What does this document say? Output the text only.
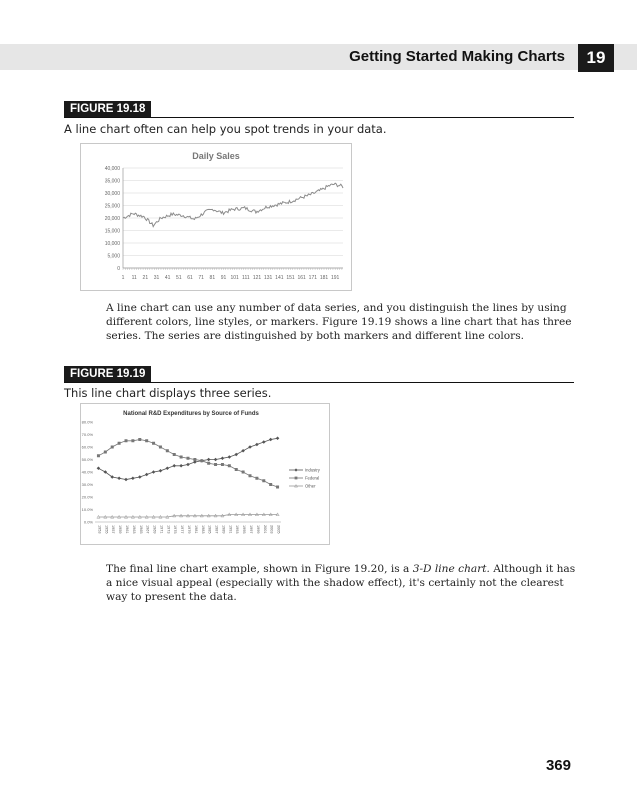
Getting Started Making Charts	19
FIGURE 19.18
A line chart often can help you spot trends in your data.
Daily Sales
0
5,000
10,000
15,000
20,000
25,000
30,000
35,000
40,000
1 11 21 31 41 51 61 71 81 91 101 111 121 131 141 151 161 171 181 191
A line chart can use any number of data series, and you distinguish the lines by using different colors, line styles, or markers. Figure 19.19 shows a line chart that has three series. The series are distinguished by both markers and different line colors.
FIGURE 19.19
This line chart displays three series.
National R&D Expenditures by Source of Funds
0.0%
10.0%
20.0%
30.0%
40.0%
50.0%
60.0%
70.0%
80.0%
1953 1955 1957 1959 1961 1963 1965 1967 1969 1971 1973 1975 1977 1979 1981 1983 1985 1987 1989 1991 1993 1995 1997 1999 2001 2003 2005
Industry
Federal
Other
The final line chart example, shown in Figure 19.20, is a 3-D line chart. Although it has a nice visual appeal (especially with the shadow effect), it's certainly not the clearest way to present the data.
369
